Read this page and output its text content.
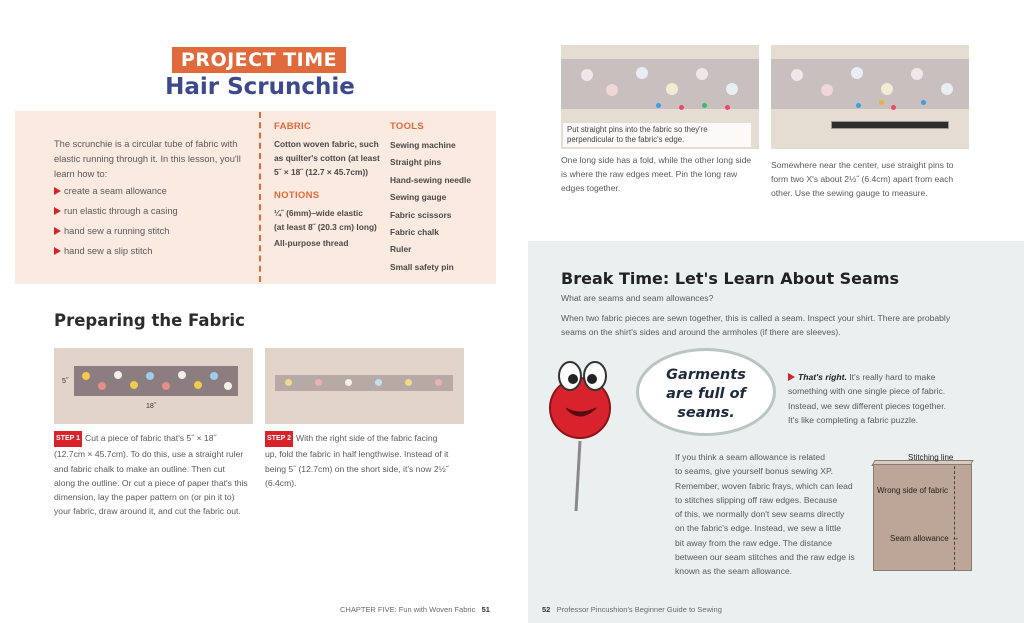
PROJECT TIME
Hair Scrunchie
The scrunchie is a circular tube of fabric with elastic running through it. In this lesson, you'll learn how to:
create a seam allowance
run elastic through a casing
hand sew a running stitch
hand sew a slip stitch
FABRIC
Cotton woven fabric, such
as quilter's cotton (at least
5˝ × 18˝ (12.7 × 45.7cm))
NOTIONS
¼˝ (6mm)–wide elastic
(at least 8˝ (20.3 cm) long)
All-purpose thread
TOOLS
Sewing machine
Straight pins
Hand-sewing needle
Sewing gauge
Fabric scissors
Fabric chalk
Ruler
Small safety pin
Preparing the Fabric
5˝
18˝
STEP 1 Cut a piece of fabric that's 5˝ × 18˝
(12.7cm × 45.7cm). To do this, use a straight ruler
and fabric chalk to make an outline. Then cut
along the outline. Or cut a piece of paper that's this
dimension, lay the paper pattern on (or pin it to)
your fabric, draw around it, and cut the fabric out.
STEP 2 With the right side of the fabric facing
up, fold the fabric in half lengthwise. Instead of it
being 5˝ (12.7cm) on the short side, it's now 2½˝
(6.4cm).
CHAPTER FIVE: Fun with Woven Fabric 51
Put straight pins into the fabric so they're
perpendicular to the fabric's edge.
One long side has a fold, while the other long side
is where the raw edges meet. Pin the long raw
edges together.
Somewhere near the center, use straight pins to
form two X's about 2½˝ (6.4cm) apart from each
other. Use the sewing gauge to measure.
Break Time: Let's Learn About Seams
What are seams and seam allowances?
When two fabric pieces are sewn together, this is called a seam. Inspect your shirt. There are probably
seams on the shirt's sides and around the armholes (if there are sleeves).
Garments
are full of
seams.
That's right. It's really hard to make
something with one single piece of fabric.
Instead, we sew different pieces together.
It's like completing a fabric puzzle.
If you think a seam allowance is related
to seams, give yourself bonus sewing XP.
Remember, woven fabric frays, which can lead
to stitches slipping off raw edges. Because
of this, we normally don't sew seams directly
on the fabric's edge. Instead, we sew a little
bit away from the raw edge. The distance
between our seam stitches and the raw edge is
known as the seam allowance.
Stitching line
Wrong side of fabric
Seam allowance ↔
52 Professor Pincushion's Beginner Guide to Sewing
